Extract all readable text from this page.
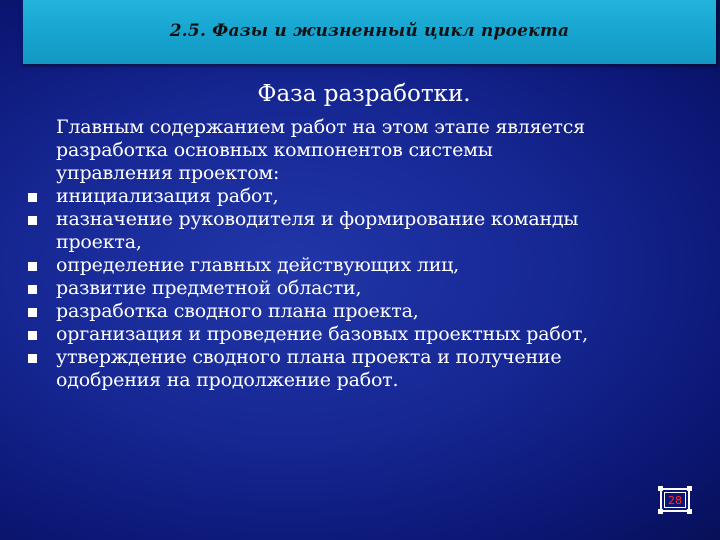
2.5. Фазы и жизненный цикл проекта
Фаза разработки.

Главным содержанием работ на этом этапе является
разработка основных компонентов системы
управления проектом:

инициализация работ,
назначение руководителя и формирование команды
проекта,
определение главных действующих лиц,
развитие предметной области,
разработка сводного плана проекта,
организация и проведение базовых проектных работ,
утверждение сводного плана проекта и получение
одобрения на продолжение работ.
28
